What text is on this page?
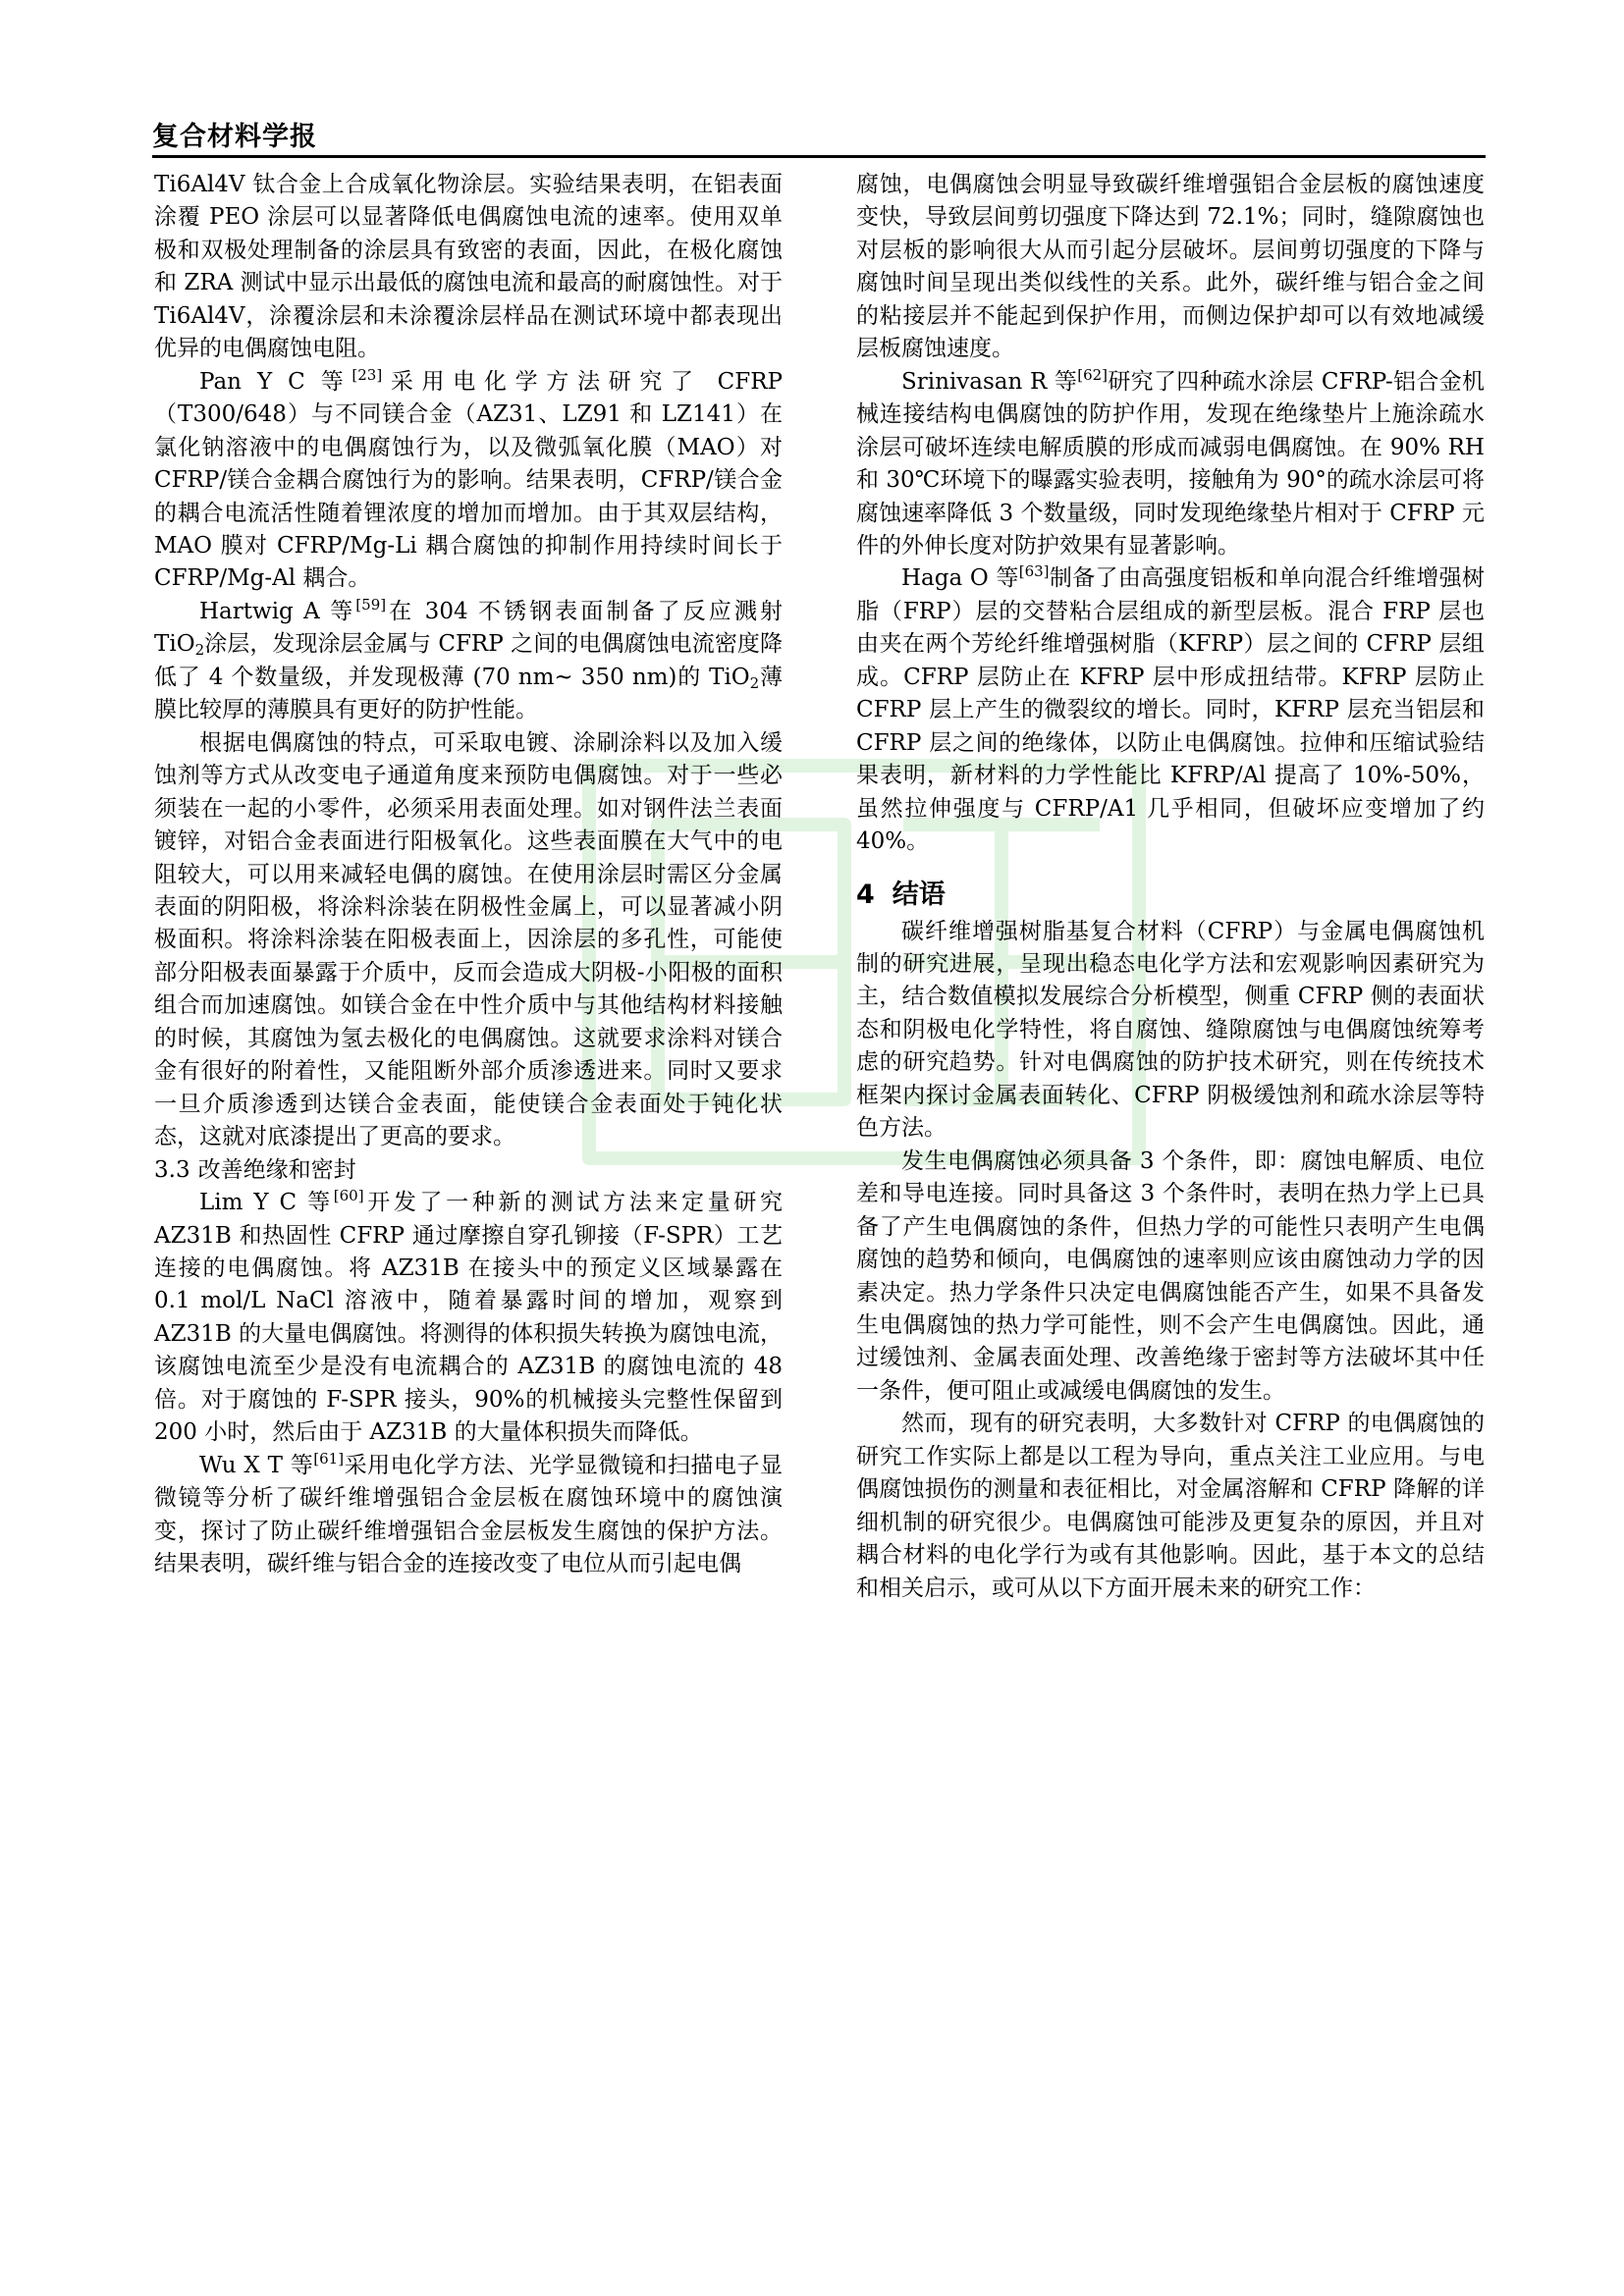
复合材料学报

Ti6Al4V 钛合金上合成氧化物涂层。实验结果表明，在铝表面涂覆 PEO 涂层可以显著降低电偶腐蚀电流的速率。使用双单极和双极处理制备的涂层具有致密的表面，因此，在极化腐蚀和 ZRA 测试中显示出最低的腐蚀电流和最高的耐腐蚀性。对于 Ti6Al4V，涂覆涂层和未涂覆涂层样品在测试环境中都表现出优异的电偶腐蚀电阻。

Pan Y C 等[23]采用电化学方法研究了 CFRP（T300/648）与不同镁合金（AZ31、LZ91 和 LZ141）在氯化钠溶液中的电偶腐蚀行为，以及微弧氧化膜（MAO）对 CFRP/镁合金耦合腐蚀行为的影响。结果表明，CFRP/镁合金的耦合电流活性随着锂浓度的增加而增加。由于其双层结构，MAO 膜对 CFRP/Mg-Li 耦合腐蚀的抑制作用持续时间长于 CFRP/Mg-Al 耦合。

Hartwig A 等[59]在 304 不锈钢表面制备了反应溅射 TiO$_2$涂层，发现涂层金属与 CFRP 之间的电偶腐蚀电流密度降低了 4 个数量级，并发现极薄 (70 nm~ 350 nm)的 TiO$_2$薄膜比较厚的薄膜具有更好的防护性能。

根据电偶腐蚀的特点，可采取电镀、涂刷涂料以及加入缓蚀剂等方式从改变电子通道角度来预防电偶腐蚀。对于一些必须装在一起的小零件，必须采用表面处理。如对钢件法兰表面镀锌，对铝合金表面进行阳极氧化。这些表面膜在大气中的电阻较大，可以用来减轻电偶的腐蚀。在使用涂层时需区分金属表面的阴阳极，将涂料涂装在阴极性金属上，可以显著减小阴极面积。将涂料涂装在阳极表面上，因涂层的多孔性，可能使部分阳极表面暴露于介质中，反而会造成大阴极-小阳极的面积组合而加速腐蚀。如镁合金在中性介质中与其他结构材料接触的时候，其腐蚀为氢去极化的电偶腐蚀。这就要求涂料对镁合金有很好的附着性，又能阻断外部介质渗透进来。同时又要求一旦介质渗透到达镁合金表面，能使镁合金表面处于钝化状态，这就对底漆提出了更高的要求。

3.3 改善绝缘和密封

Lim Y C 等[60]开发了一种新的测试方法来定量研究 AZ31B 和热固性 CFRP 通过摩擦自穿孔铆接（F-SPR）工艺连接的电偶腐蚀。将 AZ31B 在接头中的预定义区域暴露在 0.1 mol/L NaCl 溶液中，随着暴露时间的增加，观察到 AZ31B 的大量电偶腐蚀。将测得的体积损失转换为腐蚀电流，该腐蚀电流至少是没有电流耦合的 AZ31B 的腐蚀电流的 48 倍。对于腐蚀的 F-SPR 接头，90%的机械接头完整性保留到 200 小时，然后由于 AZ31B 的大量体积损失而降低。

Wu X T 等[61]采用电化学方法、光学显微镜和扫描电子显微镜等分析了碳纤维增强铝合金层板在腐蚀环境中的腐蚀演变，探讨了防止碳纤维增强铝合金层板发生腐蚀的保护方法。结果表明，碳纤维与铝合金的连接改变了电位从而引起电偶

腐蚀，电偶腐蚀会明显导致碳纤维增强铝合金层板的腐蚀速度变快，导致层间剪切强度下降达到 72.1%；同时，缝隙腐蚀也对层板的影响很大从而引起分层破坏。层间剪切强度的下降与腐蚀时间呈现出类似线性的关系。此外，碳纤维与铝合金之间的粘接层并不能起到保护作用，而侧边保护却可以有效地减缓层板腐蚀速度。

Srinivasan R 等[62]研究了四种疏水涂层 CFRP-铝合金机械连接结构电偶腐蚀的防护作用，发现在绝缘垫片上施涂疏水涂层可破坏连续电解质膜的形成而减弱电偶腐蚀。在 90% RH 和 30℃环境下的曝露实验表明，接触角为 90°的疏水涂层可将腐蚀速率降低 3 个数量级，同时发现绝缘垫片相对于 CFRP 元件的外伸长度对防护效果有显著影响。

Haga O 等[63]制备了由高强度铝板和单向混合纤维增强树脂（FRP）层的交替粘合层组成的新型层板。混合 FRP 层也由夹在两个芳纶纤维增强树脂（KFRP）层之间的 CFRP 层组成。CFRP 层防止在 KFRP 层中形成扭结带。KFRP 层防止 CFRP 层上产生的微裂纹的增长。同时，KFRP 层充当铝层和 CFRP 层之间的绝缘体，以防止电偶腐蚀。拉伸和压缩试验结果表明，新材料的力学性能比 KFRP/Al 提高了 10%-50%，虽然拉伸强度与 CFRP/A1 几乎相同，但破坏应变增加了约 40%。

4 结语

碳纤维增强树脂基复合材料（CFRP）与金属电偶腐蚀机制的研究进展，呈现出稳态电化学方法和宏观影响因素研究为主，结合数值模拟发展综合分析模型，侧重 CFRP 侧的表面状态和阴极电化学特性，将自腐蚀、缝隙腐蚀与电偶腐蚀统筹考虑的研究趋势。针对电偶腐蚀的防护技术研究，则在传统技术框架内探讨金属表面转化、CFRP 阴极缓蚀剂和疏水涂层等特色方法。

发生电偶腐蚀必须具备 3 个条件，即：腐蚀电解质、电位差和导电连接。同时具备这 3 个条件时，表明在热力学上已具备了产生电偶腐蚀的条件，但热力学的可能性只表明产生电偶腐蚀的趋势和倾向，电偶腐蚀的速率则应该由腐蚀动力学的因素决定。热力学条件只决定电偶腐蚀能否产生，如果不具备发生电偶腐蚀的热力学可能性，则不会产生电偶腐蚀。因此，通过缓蚀剂、金属表面处理、改善绝缘于密封等方法破坏其中任一条件，便可阻止或减缓电偶腐蚀的发生。

然而，现有的研究表明，大多数针对 CFRP 的电偶腐蚀的研究工作实际上都是以工程为导向，重点关注工业应用。与电偶腐蚀损伤的测量和表征相比，对金属溶解和 CFRP 降解的详细机制的研究很少。电偶腐蚀可能涉及更复杂的原因，并且对耦合材料的电化学行为或有其他影响。因此，基于本文的总结和相关启示，或可从以下方面开展未来的研究工作：
